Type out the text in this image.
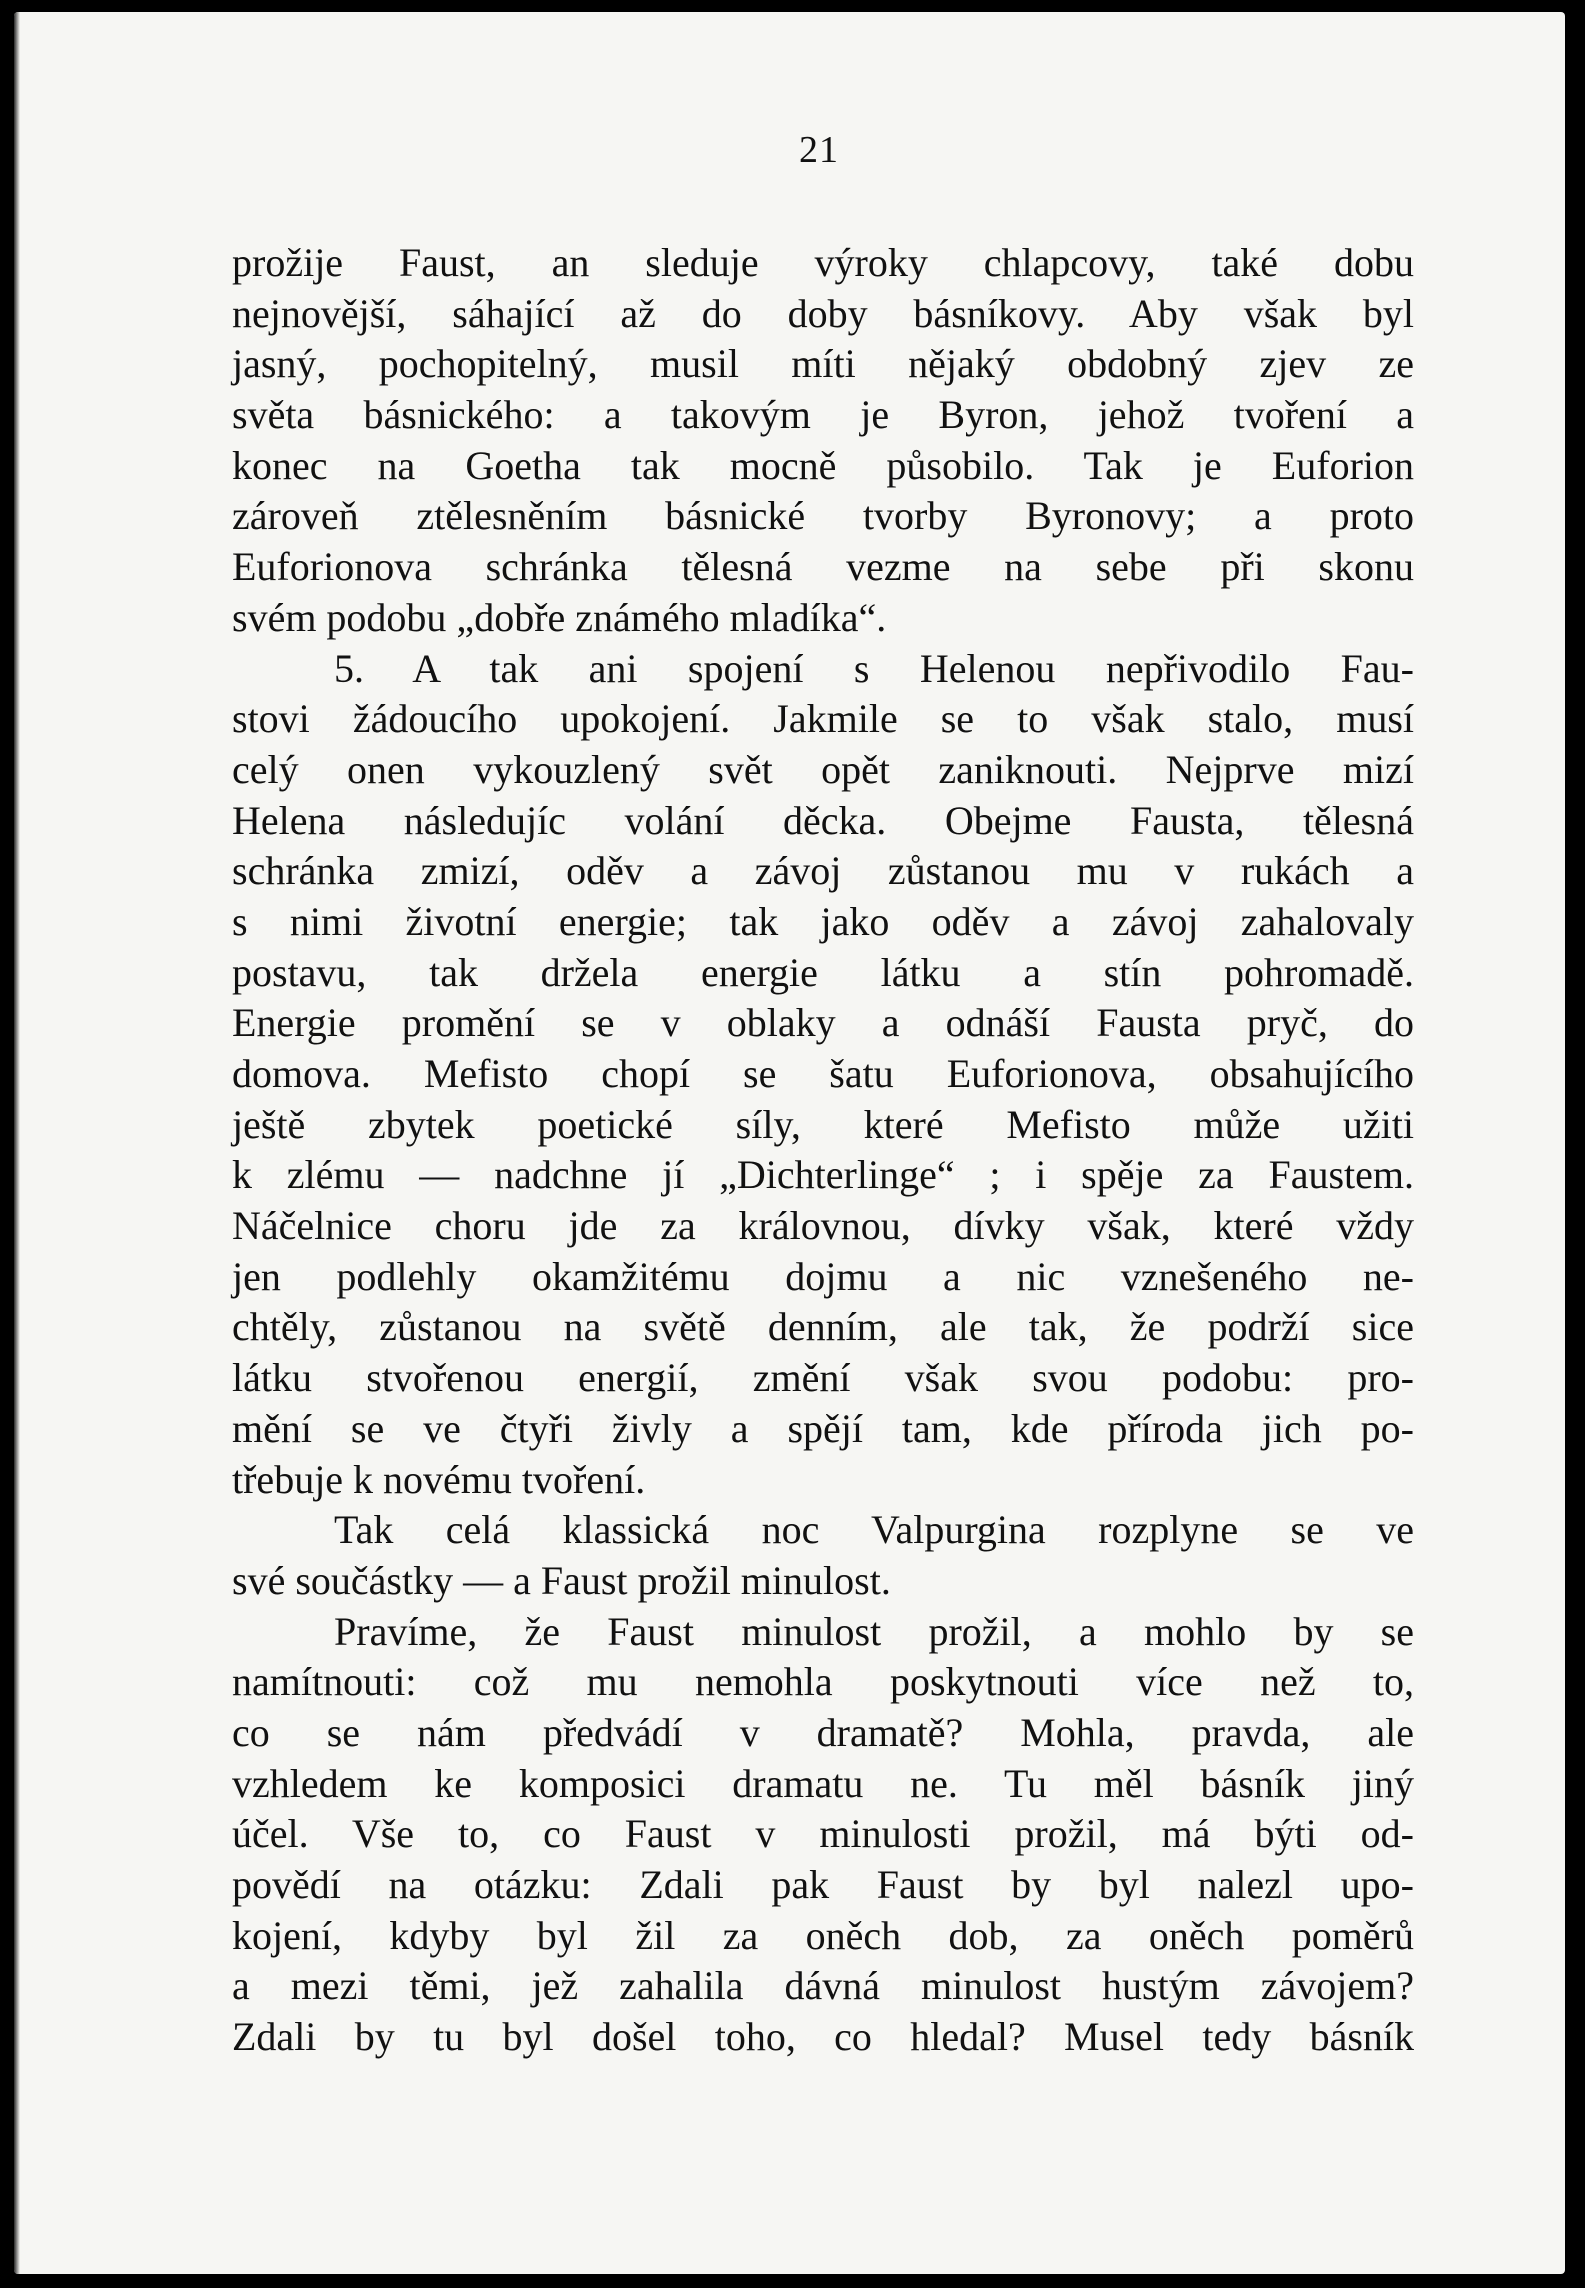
21
prožije Faust, an sleduje výroky chlapcovy, také dobu
nejnovější, sáhající až do doby básníkovy. Aby však byl
jasný, pochopitelný, musil míti nějaký obdobný zjev ze
světa básnického: a takovým je Byron, jehož tvoření a
konec na Goetha tak mocně působilo. Tak je Euforion
zároveň ztělesněním básnické tvorby Byronovy; a proto
Euforionova schránka tělesná vezme na sebe při skonu
svém podobu „dobře známého mladíka“.
5. A tak ani spojení s Helenou nepřivodilo Fau-
stovi žádoucího upokojení. Jakmile se to však stalo, musí
celý onen vykouzlený svět opět zaniknouti. Nejprve mizí
Helena následujíc volání děcka. Obejme Fausta, tělesná
schránka zmizí, oděv a závoj zůstanou mu v rukách a
s nimi životní energie; tak jako oděv a závoj zahalovaly
postavu, tak držela energie látku a stín pohromadě.
Energie promění se v oblaky a odnáší Fausta pryč, do
domova. Mefisto chopí se šatu Euforionova, obsahujícího
ještě zbytek poetické síly, které Mefisto může užiti
k zlému — nadchne jí „Dichterlinge“ ; i spěje za Faustem.
Náčelnice choru jde za královnou, dívky však, které vždy
jen podlehly okamžitému dojmu a nic vznešeného ne-
chtěly, zůstanou na světě denním, ale tak, že podrží sice
látku stvořenou energií, změní však svou podobu: pro-
mění se ve čtyři živly a spějí tam, kde příroda jich po-
třebuje k novému tvoření.
Tak celá klassická noc Valpurgina rozplyne se ve
své součástky — a Faust prožil minulost.
Pravíme, že Faust minulost prožil, a mohlo by se
namítnouti: což mu nemohla poskytnouti více než to,
co se nám předvádí v dramatě? Mohla, pravda, ale
vzhledem ke komposici dramatu ne. Tu měl básník jiný
účel. Vše to, co Faust v minulosti prožil, má býti od-
povědí na otázku: Zdali pak Faust by byl nalezl upo-
kojení, kdyby byl žil za oněch dob, za oněch poměrů
a mezi těmi, jež zahalila dávná minulost hustým závojem?
Zdali by tu byl došel toho, co hledal? Musel tedy básník
